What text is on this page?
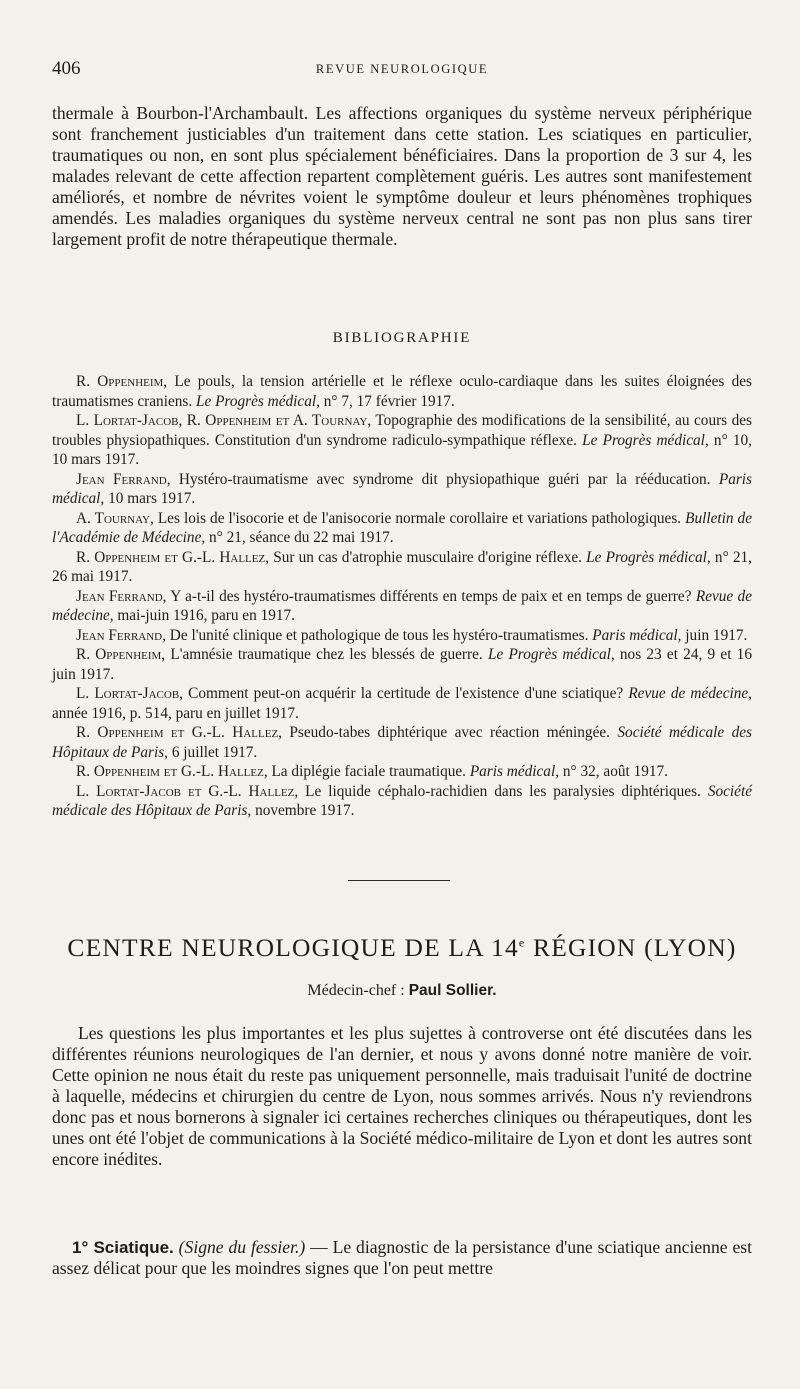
406	REVUE NEUROLOGIQUE

thermale à Bourbon-l'Archambault. Les affections organiques du système nerveux périphérique sont franchement justiciables d'un traitement dans cette station. Les sciatiques en particulier, traumatiques ou non, en sont plus spécialement bénéficiaires. Dans la proportion de 3 sur 4, les malades relevant de cette affection repartent complètement guéris. Les autres sont manifestement améliorés, et nombre de névrites voient le symptôme douleur et leurs phénomènes trophiques amendés. Les maladies organiques du système nerveux central ne sont pas non plus sans tirer largement profit de notre thérapeutique thermale.

BIBLIOGRAPHIE
R. Oppenheim, Le pouls, la tension artérielle et le réflexe oculo-cardiaque dans les suites éloignées des traumatismes craniens. Le Progrès médical, n° 7, 17 février 1917.
L. Lortat-Jacob, R. Oppenheim et A. Tournay, Topographie des modifications de la sensibilité, au cours des troubles physiopathiques. Constitution d'un syndrome radiculo-sympathique réflexe. Le Progrès médical, n° 10, 10 mars 1917.
Jean Ferrand, Hystéro-traumatisme avec syndrome dit physiopathique guéri par la rééducation. Paris médical, 10 mars 1917.
A. Tournay, Les lois de l'isocorie et de l'anisocorie normale corollaire et variations pathologiques. Bulletin de l'Académie de Médecine, n° 21, séance du 22 mai 1917.
R. Oppenheim et G.-L. Hallez, Sur un cas d'atrophie musculaire d'origine réflexe. Le Progrès médical, n° 21, 26 mai 1917.
Jean Ferrand, Y a-t-il des hystéro-traumatismes différents en temps de paix et en temps de guerre? Revue de médecine, mai-juin 1916, paru en 1917.
Jean Ferrand, De l'unité clinique et pathologique de tous les hystéro-traumatismes. Paris médical, juin 1917.
R. Oppenheim, L'amnésie traumatique chez les blessés de guerre. Le Progrès médical, nos 23 et 24, 9 et 16 juin 1917.
L. Lortat-Jacob, Comment peut-on acquérir la certitude de l'existence d'une sciatique? Revue de médecine, année 1916, p. 514, paru en juillet 1917.
R. Oppenheim et G.-L. Hallez, Pseudo-tabes diphtérique avec réaction méningée. Société médicale des Hôpitaux de Paris, 6 juillet 1917.
R. Oppenheim et G.-L. Hallez, La diplégie faciale traumatique. Paris médical, n° 32, août 1917.
L. Lortat-Jacob et G.-L. Hallez, Le liquide céphalo-rachidien dans les paralysies diphtériques. Société médicale des Hôpitaux de Paris, novembre 1917.
CENTRE NEUROLOGIQUE DE LA 14e RÉGION (LYON)
Médecin-chef : Paul Sollier.

Les questions les plus importantes et les plus sujettes à controverse ont été discutées dans les différentes réunions neurologiques de l'an dernier, et nous y avons donné notre manière de voir. Cette opinion ne nous était du reste pas uniquement personnelle, mais traduisait l'unité de doctrine à laquelle, médecins et chirurgien du centre de Lyon, nous sommes arrivés. Nous n'y reviendrons donc pas et nous bornerons à signaler ici certaines recherches cliniques ou thérapeutiques, dont les unes ont été l'objet de communications à la Société médico-militaire de Lyon et dont les autres sont encore inédites.

1° Sciatique. (Signe du fessier.) — Le diagnostic de la persistance d'une sciatique ancienne est assez délicat pour que les moindres signes que l'on peut mettre
